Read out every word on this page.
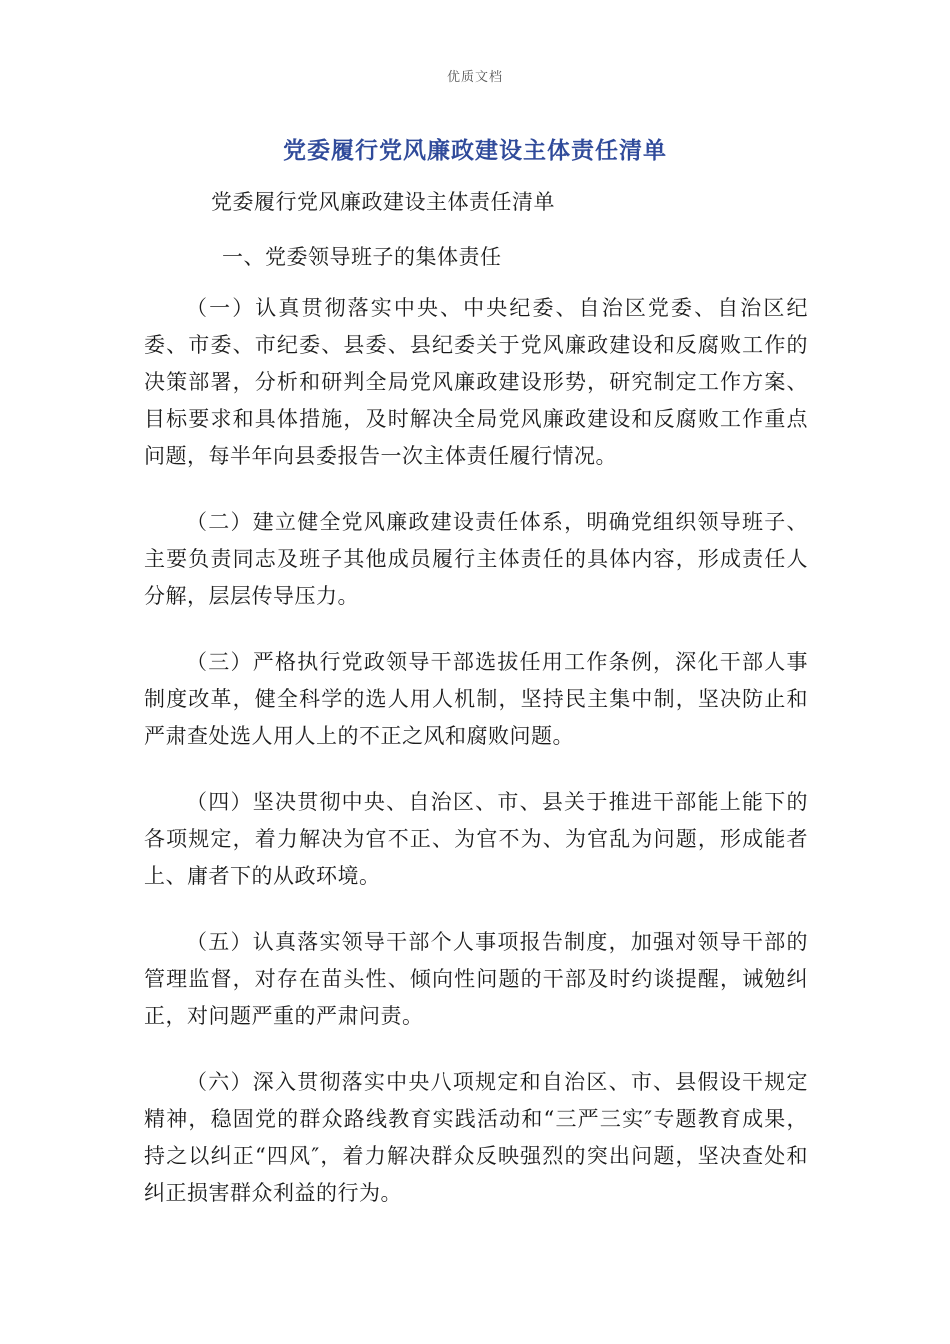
优质文档
党委履行党风廉政建设主体责任清单
党委履行党风廉政建设主体责任清单
一、党委领导班子的集体责任

（一）认真贯彻落实中央、中央纪委、自治区党委、自治区纪委、市委、市纪委、县委、县纪委关于党风廉政建设和反腐败工作的决策部署，分析和研判全局党风廉政建设形势，研究制定工作方案、目标要求和具体措施，及时解决全局党风廉政建设和反腐败工作重点问题，每半年向县委报告一次主体责任履行情况。

（二）建立健全党风廉政建设责任体系，明确党组织领导班子、主要负责同志及班子其他成员履行主体责任的具体内容，形成责任人分解，层层传导压力。

（三）严格执行党政领导干部选拔任用工作条例，深化干部人事制度改革，健全科学的选人用人机制，坚持民主集中制，坚决防止和严肃查处选人用人上的不正之风和腐败问题。

（四）坚决贯彻中央、自治区、市、县关于推进干部能上能下的各项规定，着力解决为官不正、为官不为、为官乱为问题，形成能者上、庸者下的从政环境。

（五）认真落实领导干部个人事项报告制度，加强对领导干部的管理监督，对存在苗头性、倾向性问题的干部及时约谈提醒，诫勉纠正，对问题严重的严肃问责。

（六）深入贯彻落实中央八项规定和自治区、市、县假设干规定精神，稳固党的群众路线教育实践活动和“三严三实″专题教育成果，持之以纠正“四风″，着力解决群众反映强烈的突出问题，坚决查处和纠正损害群众利益的行为。
